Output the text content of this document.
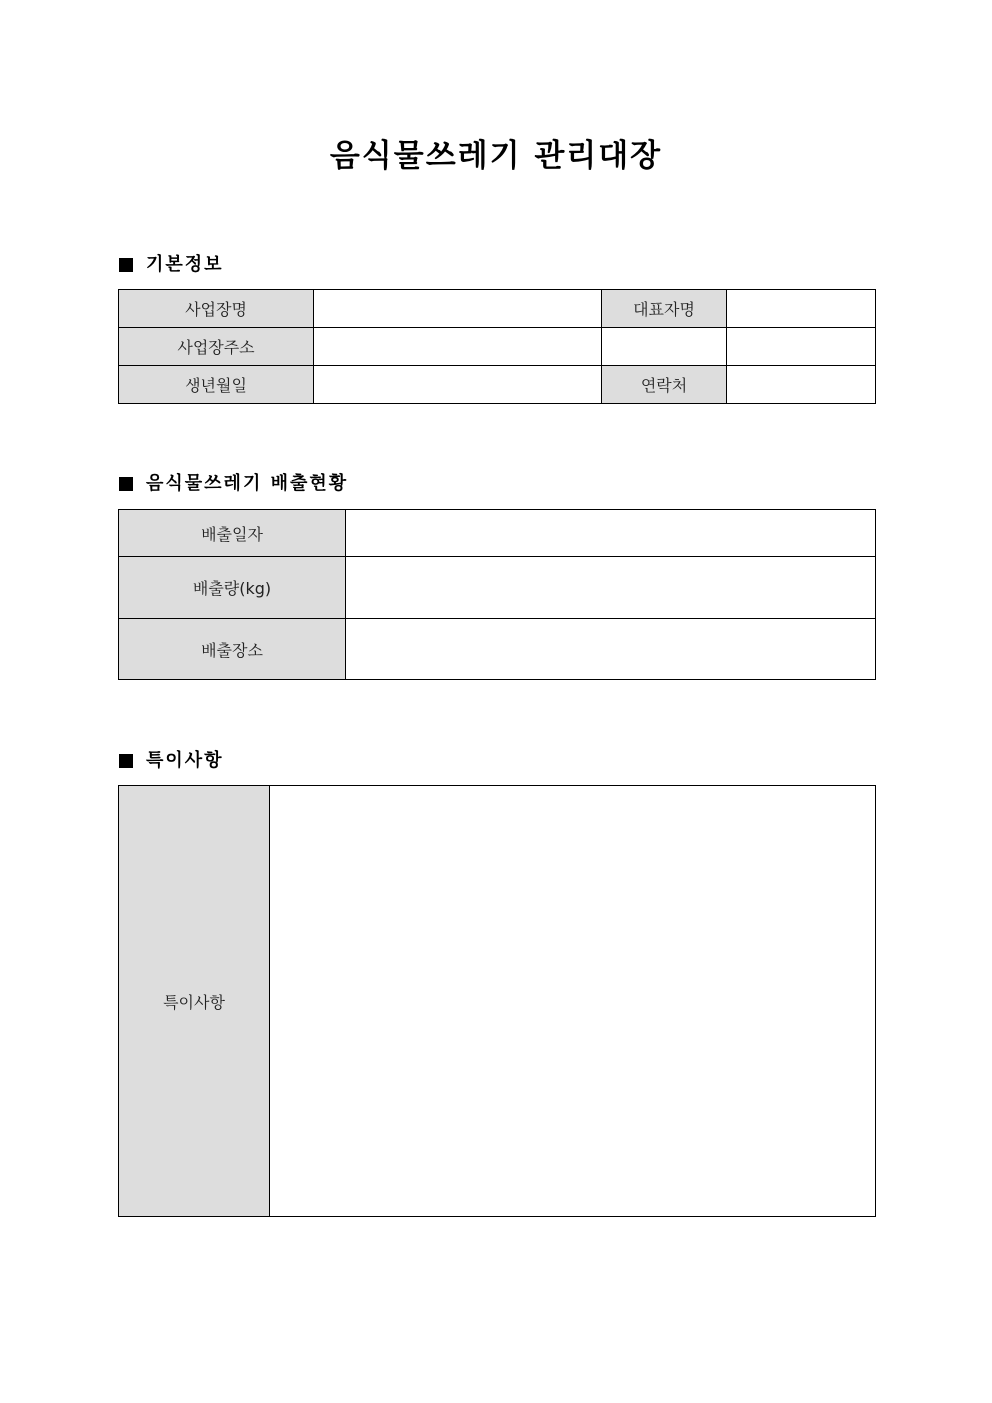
음식물쓰레기 관리대장
기본정보
사업장명		대표자명	
사업장주소			
생년월일		연락처	
음식물쓰레기 배출현황
배출일자	
배출량(kg)	
배출장소	
특이사항
특이사항	
